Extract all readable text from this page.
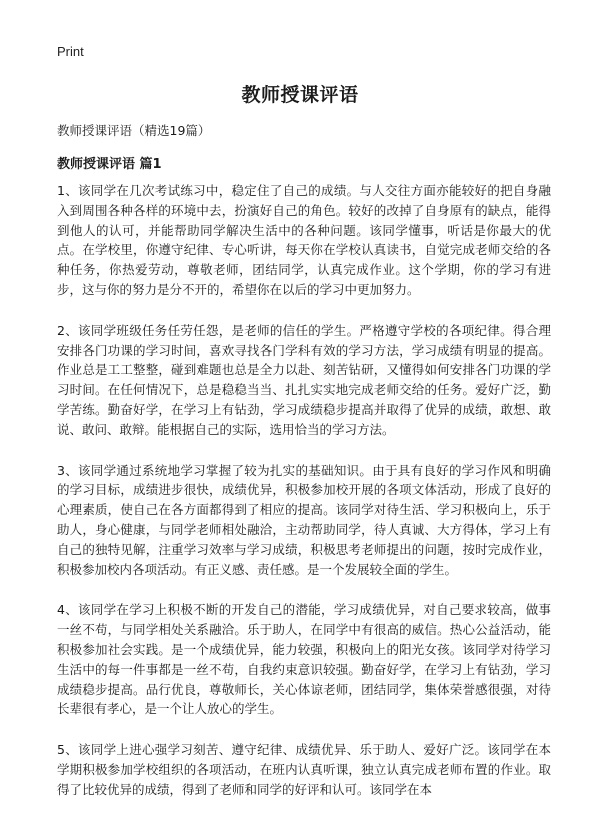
Print
教师授课评语

教师授课评语（精选19篇）

教师授课评语 篇1

1、该同学在几次考试练习中，稳定住了自己的成绩。与人交往方面亦能较好的把自身融入到周围各种各样的环境中去，扮演好自己的角色。较好的改掉了自身原有的缺点，能得到他人的认可，并能帮助同学解决生活中的各种问题。该同学懂事，听话是你最大的优点。在学校里，你遵守纪律、专心听讲，每天你在学校认真读书，自觉完成老师交给的各种任务，你热爱劳动，尊敬老师，团结同学，认真完成作业。这个学期，你的学习有进步，这与你的努力是分不开的，希望你在以后的学习中更加努力。

2、该同学班级任务任劳任怨，是老师的信任的学生。严格遵守学校的各项纪律。得合理安排各门功课的学习时间，喜欢寻找各门学科有效的学习方法，学习成绩有明显的提高。作业总是工工整整，碰到难题也总是全力以赴、刻苦钻研，又懂得如何安排各门功课的学习时间。在任何情况下，总是稳稳当当、扎扎实实地完成老师交给的任务。爱好广泛，勤学苦练。勤奋好学，在学习上有钻劲，学习成绩稳步提高并取得了优异的成绩，敢想、敢说、敢问、敢辩。能根据自己的实际，选用恰当的学习方法。

3、该同学通过系统地学习掌握了较为扎实的基础知识。由于具有良好的学习作风和明确的学习目标，成绩进步很快，成绩优异，积极参加校开展的各项文体活动，形成了良好的心理素质，使自己在各方面都得到了相应的提高。该同学对待生活、学习积极向上，乐于助人，身心健康，与同学老师相处融洽，主动帮助同学，待人真诚、大方得体，学习上有自己的独特见解，注重学习效率与学习成绩，积极思考老师提出的问题，按时完成作业，积极参加校内各项活动。有正义感、责任感。是一个发展较全面的学生。

4、该同学在学习上积极不断的开发自己的潜能，学习成绩优异，对自己要求较高，做事一丝不苟，与同学相处关系融洽。乐于助人，在同学中有很高的威信。热心公益活动，能积极参加社会实践。是一个成绩优异，能力较强，积极向上的阳光女孩。该同学对待学习生活中的每一件事都是一丝不苟，自我约束意识较强。勤奋好学，在学习上有钻劲，学习成绩稳步提高。品行优良，尊敬师长，关心体谅老师，团结同学，集体荣誉感很强，对待长辈很有孝心，是一个让人放心的学生。

5、该同学上进心强学习刻苦、遵守纪律、成绩优异、乐于助人、爱好广泛。该同学在本学期积极参加学校组织的各项活动，在班内认真听课，独立认真完成老师布置的作业。取得了比较优异的成绩，得到了老师和同学的好评和认可。该同学在本
